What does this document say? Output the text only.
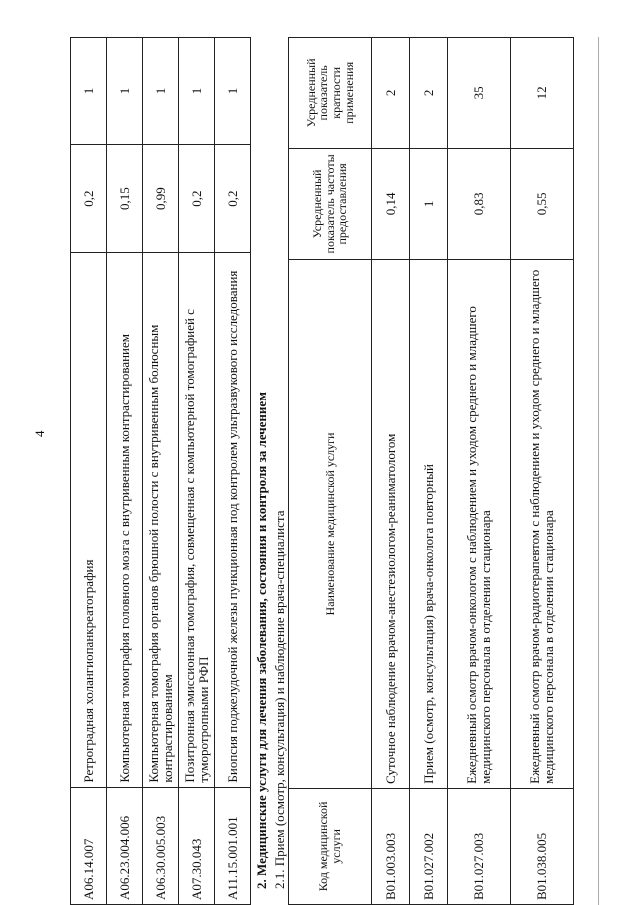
4
A06.14.007	Ретроградная холангиопанкреатография	0,2	1
A06.23.004.006	Компьютерная томография головного мозга с внутривенным контрастированием	0,15	1
A06.30.005.003	Компьютерная томография органов брюшной полости с внутривенным болюсным контрастированием	0,99	1
A07.30.043	Позитронная эмиссионная томография, совмещенная с компьютерной томографией с туморотропными РФП	0,2	1
A11.15.001.001	Биопсия поджелудочной железы пункционная под контролем ультразвукового исследования	0,2	1
2. Медицинские услуги для лечения заболевания, состояния и контроля за лечением 2.1. Прием (осмотр, консультация) и наблюдение врача-специалиста Код медицинской услуги	Наименование медицинской услуги	Усредненный показатель частоты предоставления	Усредненный показатель кратности применения
B01.003.003	Суточное наблюдение врачом-анестезиологом-реаниматологом	0,14	2
B01.027.002	Прием (осмотр, консультация) врача-онколога повторный	1	2
B01.027.003	Ежедневный осмотр врачом-онкологом с наблюдением и уходом среднего и младшего медицинского персонала в отделении стационара	0,83	35
B01.038.005	Ежедневный осмотр врачом-радиотерапевтом с наблюдением и уходом среднего и младшего медицинского персонала в отделении стационара	0,55	12
